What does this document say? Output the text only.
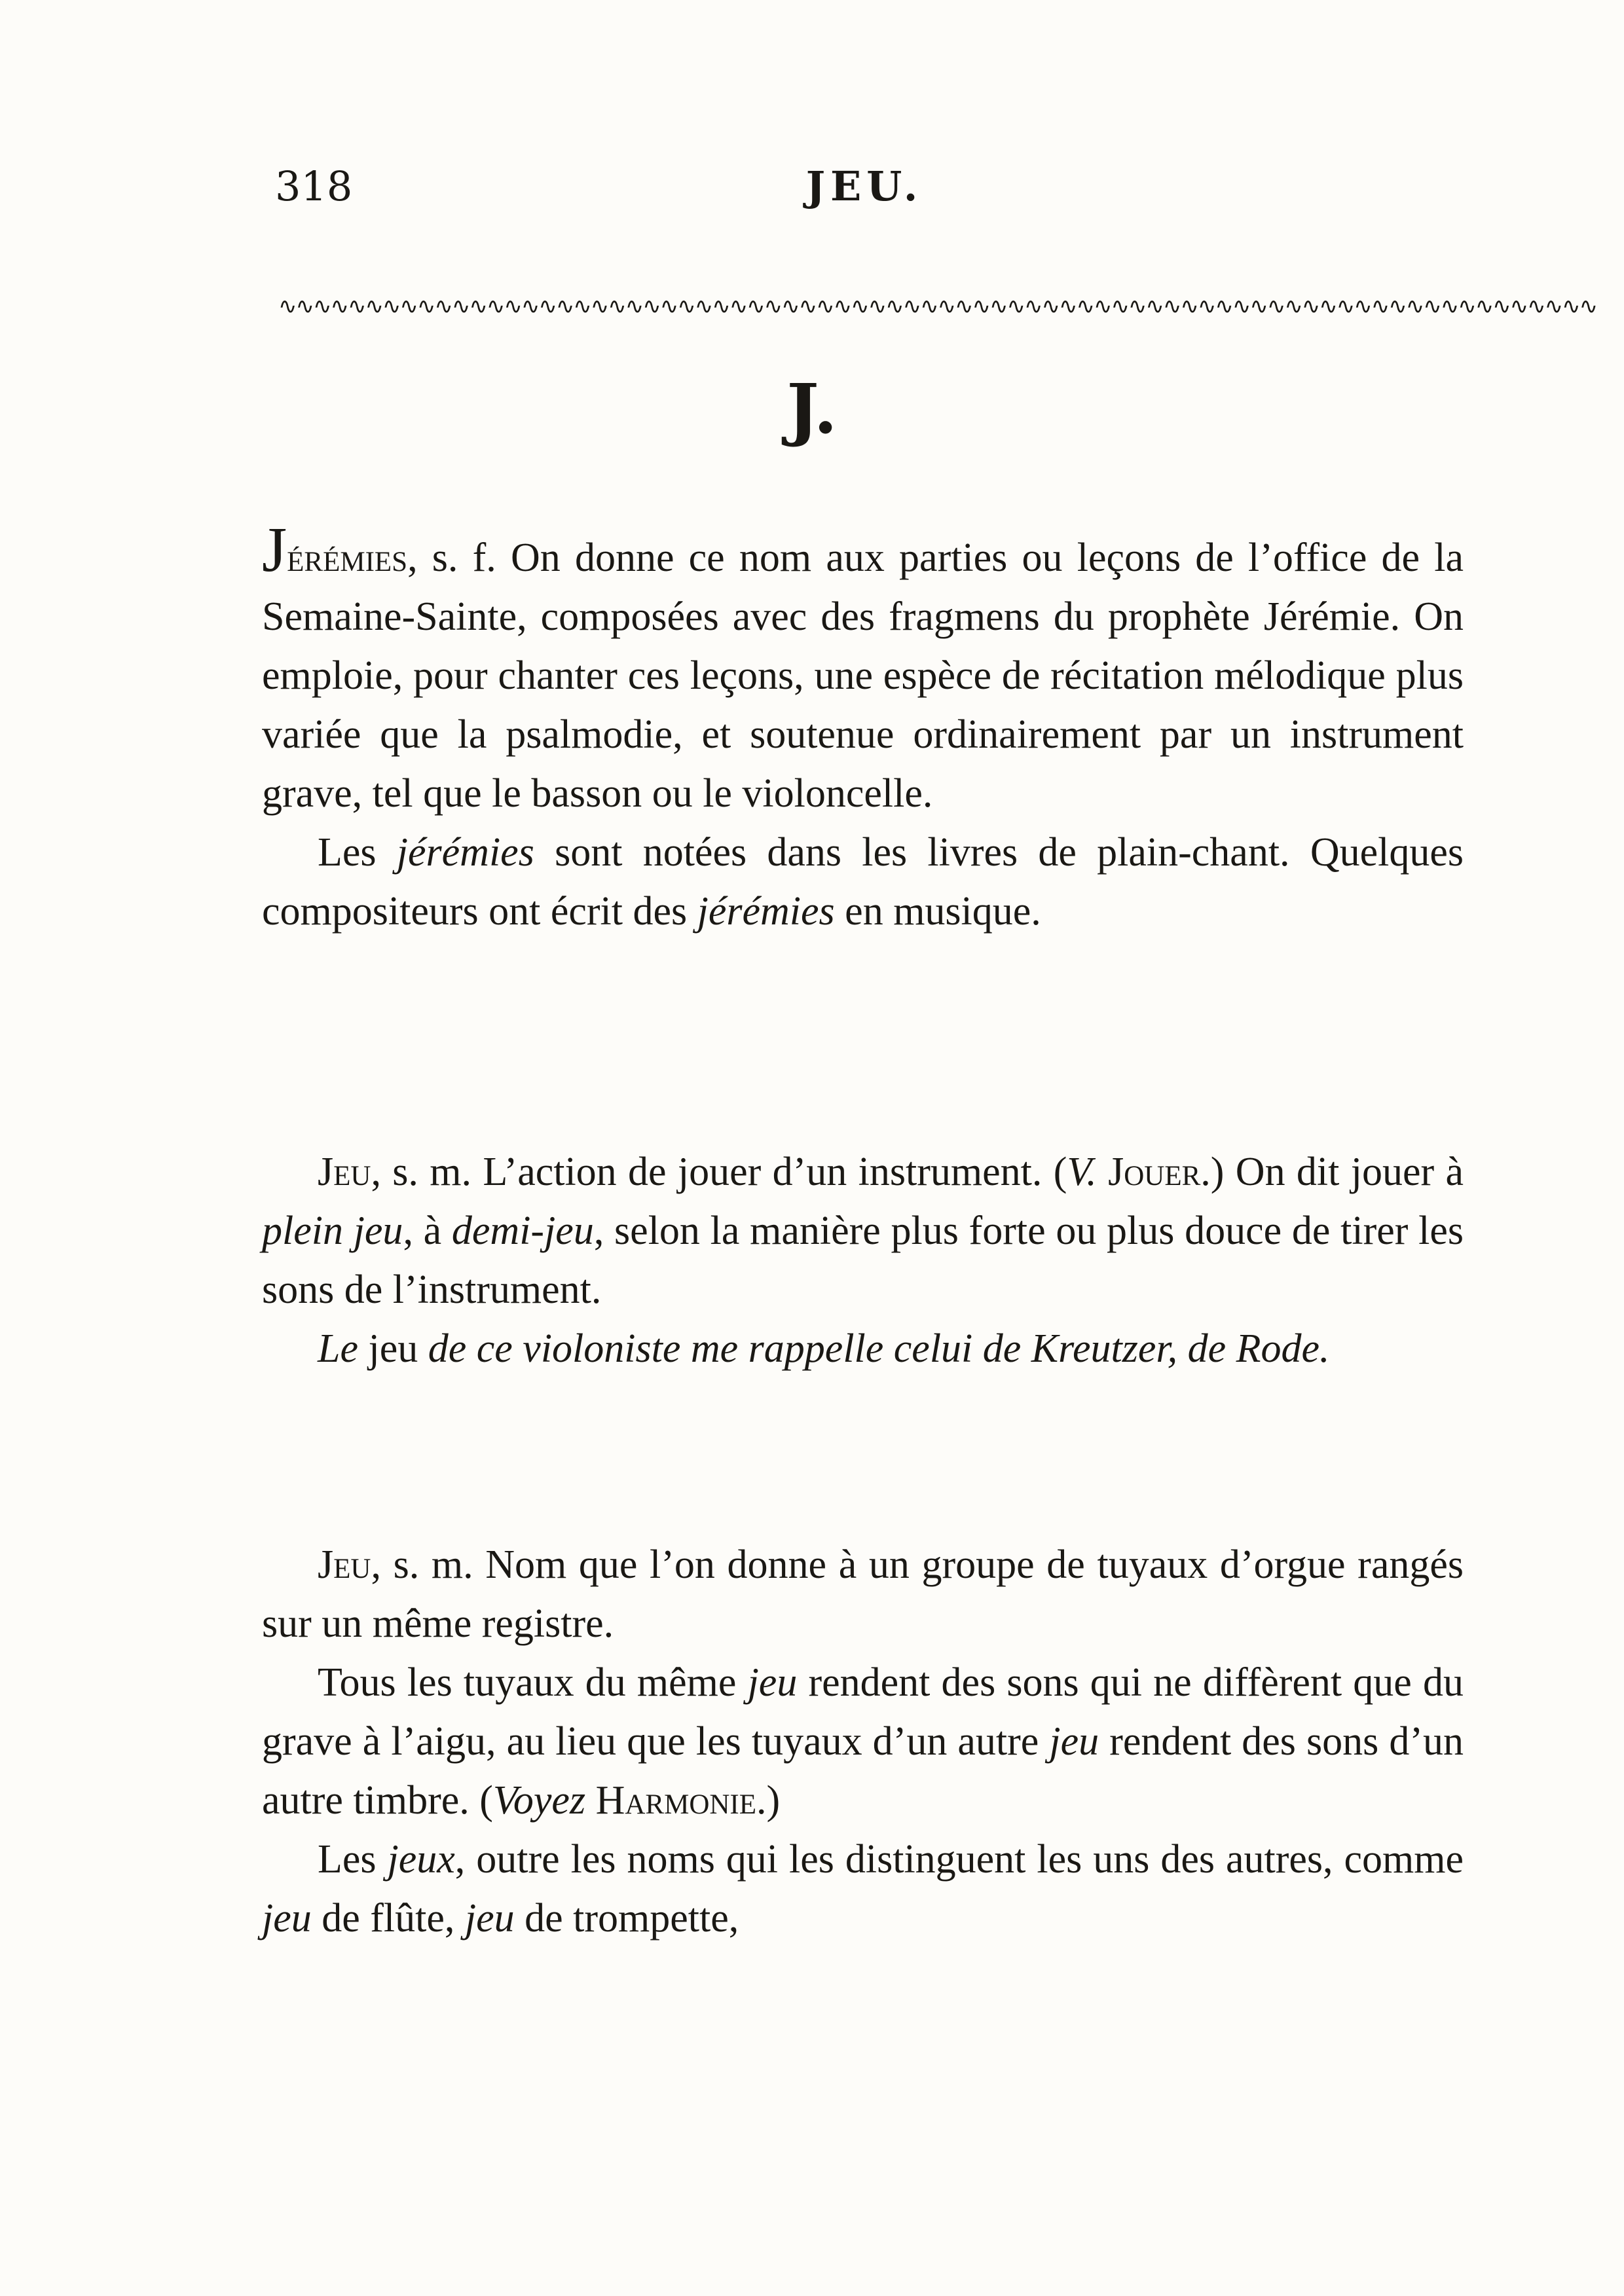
318	JEU.
∿∿∿∿∿∿∿∿∿∿∿∿∿∿∿∿∿∿∿∿∿∿∿∿∿∿∿∿∿∿∿∿∿∿∿∿∿∿∿∿∿∿∿∿∿∿∿∿∿∿∿∿∿∿∿∿∿∿∿∿∿∿∿∿∿∿∿∿∿∿∿∿∿∿∿∿
J.

Jérémies, s. f. On donne ce nom aux parties ou leçons de l’office de la Semaine-Sainte, composées avec des fragmens du prophète Jérémie. On emploie, pour chanter ces leçons, une espèce de récitation mélodique plus variée que la psalmodie, et soutenue ordinairement par un instrument grave, tel que le basson ou le violoncelle.

Les jérémies sont notées dans les livres de plain-chant. Quelques compositeurs ont écrit des jérémies en musique.

Jeu, s. m. L’action de jouer d’un instrument. (V. Jouer.) On dit jouer à plein jeu, à demi-jeu, selon la manière plus forte ou plus douce de tirer les sons de l’instrument.

Le jeu de ce violoniste me rappelle celui de Kreutzer, de Rode.

Jeu, s. m. Nom que l’on donne à un groupe de tuyaux d’orgue rangés sur un même registre.

Tous les tuyaux du même jeu rendent des sons qui ne diffèrent que du grave à l’aigu, au lieu que les tuyaux d’un autre jeu rendent des sons d’un autre timbre. (Voyez Harmonie.)

Les jeux, outre les noms qui les distinguent les uns des autres, comme jeu de flûte, jeu de trompette,
